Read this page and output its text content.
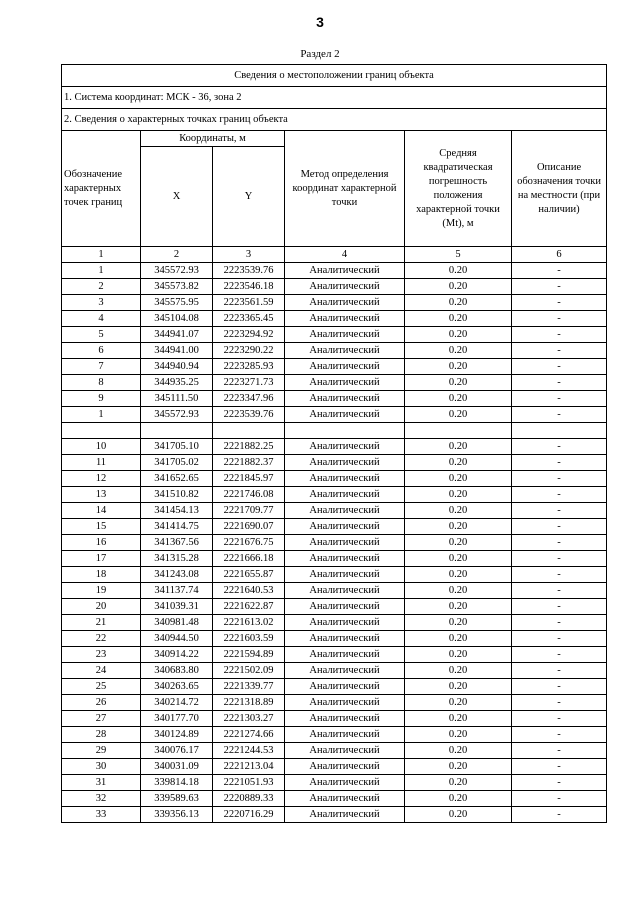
3
Раздел 2
Сведения о местоположении границ объекта					
1. Система координат: МСК - 36, зона 2					
2. Сведения о характерных точках границ объекта					
Обозначение характерных точек границ	Координаты, м		Метод определения координат характерной точки	Средняя квадратическая погрешность положения характерной точки (Mt), м	Описание обозначения точки на местности (при наличии)
	X	Y			
1	2	3	4	5	6
1	345572.93	2223539.76	Аналитический	0.20	-
2	345573.82	2223546.18	Аналитический	0.20	-
3	345575.95	2223561.59	Аналитический	0.20	-
4	345104.08	2223365.45	Аналитический	0.20	-
5	344941.07	2223294.92	Аналитический	0.20	-
6	344941.00	2223290.22	Аналитический	0.20	-
7	344940.94	2223285.93	Аналитический	0.20	-
8	344935.25	2223271.73	Аналитический	0.20	-
9	345111.50	2223347.96	Аналитический	0.20	-
1	345572.93	2223539.76	Аналитический	0.20	-

10	341705.10	2221882.25	Аналитический	0.20	-
11	341705.02	2221882.37	Аналитический	0.20	-
12	341652.65	2221845.97	Аналитический	0.20	-
13	341510.82	2221746.08	Аналитический	0.20	-
14	341454.13	2221709.77	Аналитический	0.20	-
15	341414.75	2221690.07	Аналитический	0.20	-
16	341367.56	2221676.75	Аналитический	0.20	-
17	341315.28	2221666.18	Аналитический	0.20	-
18	341243.08	2221655.87	Аналитический	0.20	-
19	341137.74	2221640.53	Аналитический	0.20	-
20	341039.31	2221622.87	Аналитический	0.20	-
21	340981.48	2221613.02	Аналитический	0.20	-
22	340944.50	2221603.59	Аналитический	0.20	-
23	340914.22	2221594.89	Аналитический	0.20	-
24	340683.80	2221502.09	Аналитический	0.20	-
25	340263.65	2221339.77	Аналитический	0.20	-
26	340214.72	2221318.89	Аналитический	0.20	-
27	340177.70	2221303.27	Аналитический	0.20	-
28	340124.89	2221274.66	Аналитический	0.20	-
29	340076.17	2221244.53	Аналитический	0.20	-
30	340031.09	2221213.04	Аналитический	0.20	-
31	339814.18	2221051.93	Аналитический	0.20	-
32	339589.63	2220889.33	Аналитический	0.20	-
33	339356.13	2220716.29	Аналитический	0.20	-
